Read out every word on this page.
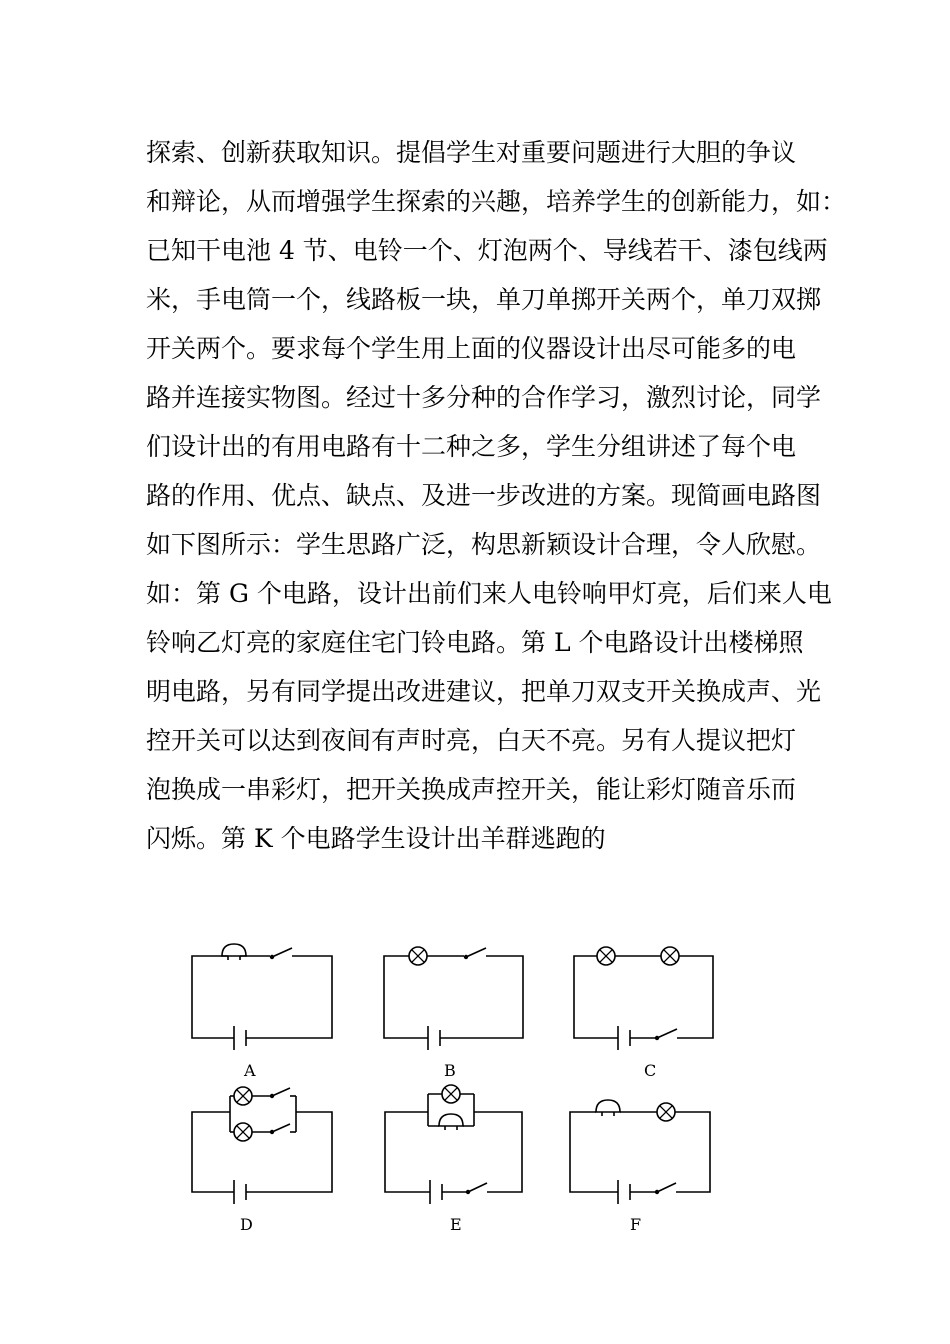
探索、创新获取知识。提倡学生对重要问题进行大胆的争议
和辩论，从而增强学生探索的兴趣，培养学生的创新能力，如：
已知干电池 4 节、电铃一个、灯泡两个、导线若干、漆包线两
米，手电筒一个，线路板一块，单刀单掷开关两个，单刀双掷
开关两个。要求每个学生用上面的仪器设计出尽可能多的电
路并连接实物图。经过十多分种的合作学习，激烈讨论，同学
们设计出的有用电路有十二种之多，学生分组讲述了每个电
路的作用、优点、缺点、及进一步改进的方案。现简画电路图
如下图所示：学生思路广泛，构思新颖设计合理，令人欣慰。
如：第 G 个电路，设计出前们来人电铃响甲灯亮，后们来人电
铃响乙灯亮的家庭住宅门铃电路。第 L 个电路设计出楼梯照
明电路，另有同学提出改进建议，把单刀双支开关换成声、光
控开关可以达到夜间有声时亮，白天不亮。另有人提议把灯
泡换成一串彩灯，把开关换成声控开关，能让彩灯随音乐而
闪烁。第 K 个电路学生设计出羊群逃跑的
A	B	C
D	E	F
